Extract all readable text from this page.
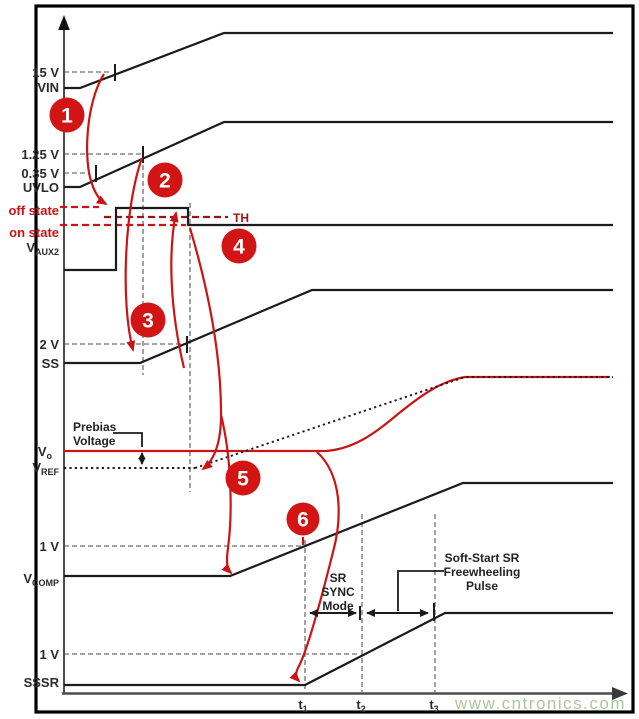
15 V
VIN
1.25 V
0.35 V
UVLO
off state
on state
$V_{AUX2}$
2 V
SS
$V_o$
$V_{REF}$
1 V
$V_{COMP}$
1 V
SSSR
TH
Prebias
Voltage
SR
SYNC
Mode
Soft-Start SR
Freewheeling
Pulse
$t_1$	$t_2$	$t_3$
1
2
3
4
5
6
www.cntronics.com
